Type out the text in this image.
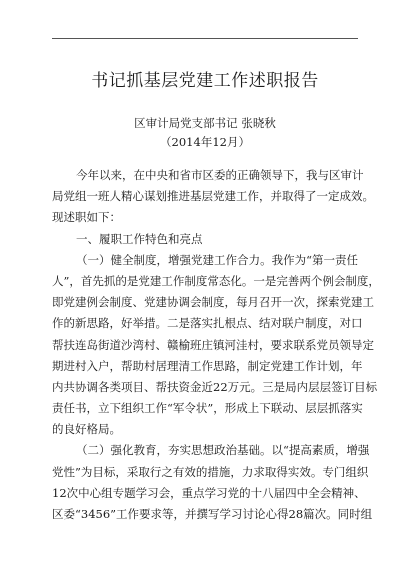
书记抓基层党建工作述职报告
区审计局党支部书记 张晓秋
（2014年12月）
今年以来，在中央和省市区委的正确领导下，我与区审计
局党组一班人精心谋划推进基层党建工作，并取得了一定成效。
现述职如下：
一、履职工作特色和亮点
（一）健全制度，增强党建工作合力。我作为“第一责任
人”，首先抓的是党建工作制度常态化。一是完善两个例会制度，
即党建例会制度、党建协调会制度，每月召开一次，探索党建工
作的新思路，好举措。二是落实扎根点、结对联户制度，对口
帮扶连岛街道沙湾村、赣榆班庄镇河洼村，要求联系党员领导定
期进村入户，帮助村居理清工作思路，制定党建工作计划，年
内共协调各类项目、帮扶资金近22万元。三是局内层层签订目标
责任书，立下组织工作“军令状”，形成上下联动、层层抓落实
的良好格局。
（二）强化教育，夯实思想政治基础。以“提高素质，增强
党性”为目标，采取行之有效的措施，力求取得实效。专门组织
12次中心组专题学习会，重点学习党的十八届四中全会精神、
区委“3456”工作要求等，并撰写学习讨论心得28篇次。同时组
